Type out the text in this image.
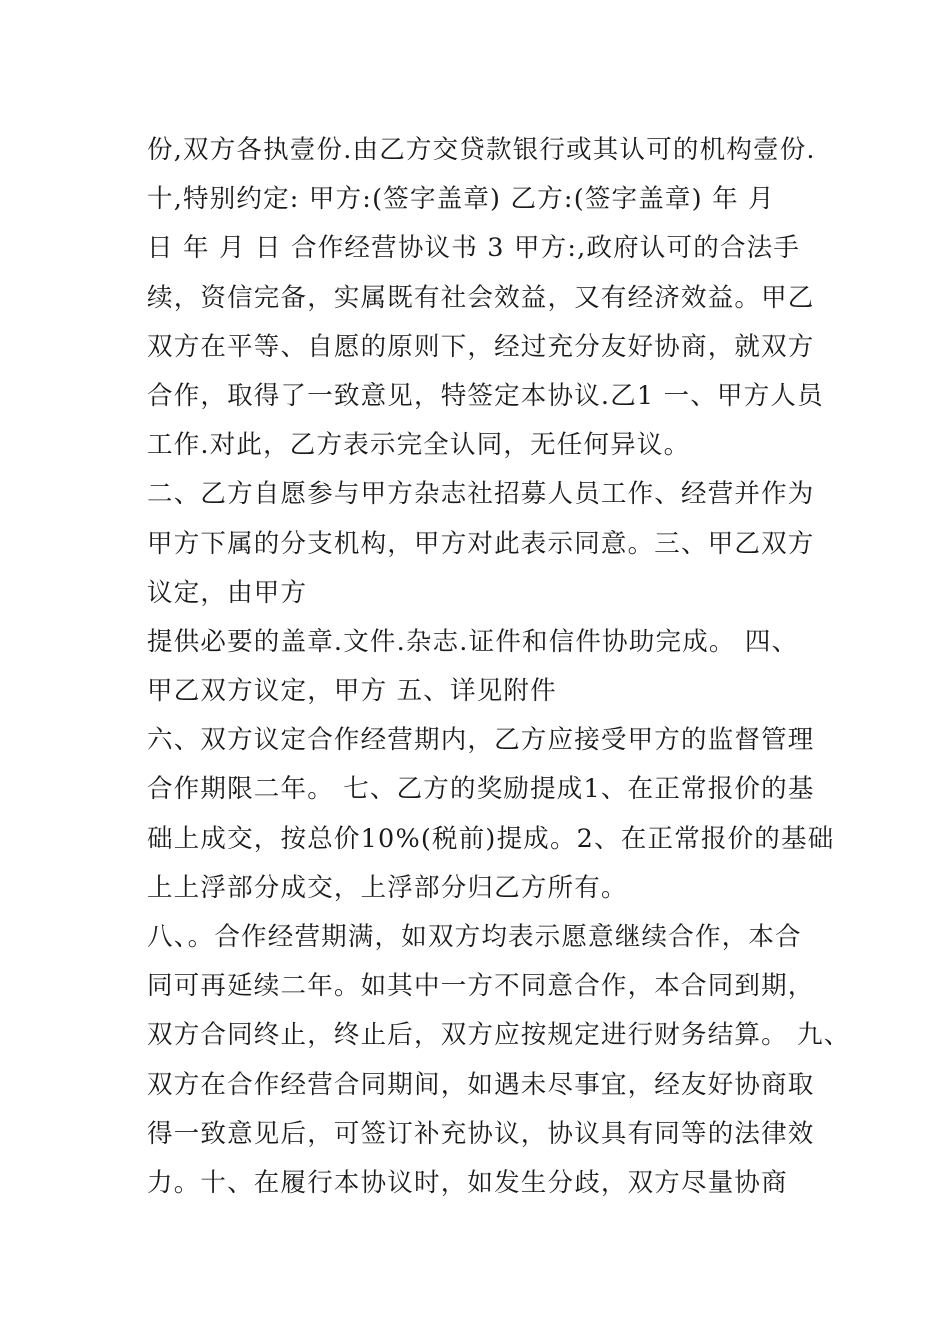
份,双方各执壹份.由乙方交贷款银行或其认可的机构壹份.
十,特别约定: 甲方:(签字盖章) 乙方:(签字盖章) 年 月
日 年 月 日 合作经营协议书 3 甲方:,政府认可的合法手
续，资信完备，实属既有社会效益，又有经济效益。甲乙
双方在平等、自愿的原则下，经过充分友好协商，就双方
合作，取得了一致意见，特签定本协议.乙1 一、甲方人员
工作.对此，乙方表示完全认同，无任何异议。
二、乙方自愿参与甲方杂志社招募人员工作、经营并作为
甲方下属的分支机构，甲方对此表示同意。三、甲乙双方
议定，由甲方
提供必要的盖章.文件.杂志.证件和信件协助完成。 四、
甲乙双方议定，甲方 五、详见附件
六、双方议定合作经营期内，乙方应接受甲方的监督管理
合作期限二年。 七、乙方的奖励提成1、在正常报价的基
础上成交，按总价10%(税前)提成。2、在正常报价的基础
上上浮部分成交，上浮部分归乙方所有。
八、。合作经营期满，如双方均表示愿意继续合作，本合
同可再延续二年。如其中一方不同意合作，本合同到期，
双方合同终止，终止后，双方应按规定进行财务结算。 九、
双方在合作经营合同期间，如遇未尽事宜，经友好协商取
得一致意见后，可签订补充协议，协议具有同等的法律效
力。十、在履行本协议时，如发生分歧，双方尽量协商
